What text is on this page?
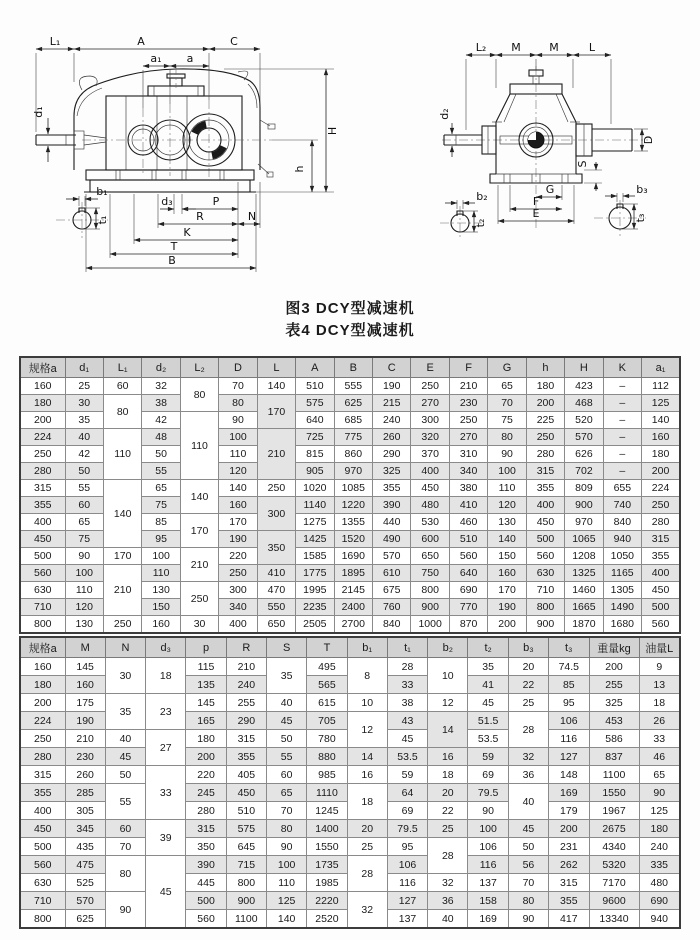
L₁	A	C
a₁ a
d₁
H
h
b₁
t₁
d₃	P
R	N
K
T
B
L₂ M	M	L
d₂
D
S
G
F
E
b₂
t₂
b₃
t₃
图3 DCY型减速机
表4 DCY型减速机
规格a	d₁	L₁	d₂	L₂	D	L	A	B	C	E	F	G	h	H	K	a₁
160	25	60	32	80	70	140	510	555	190	250	210	65	180	423	–	112
180	30	80	38		80	170	575	625	215	270	230	70	200	468	–	125
200	35		42	110	90		640	685	240	300	250	75	225	520	–	140
224	40	110	48		100	210	725	775	260	320	270	80	250	570	–	160
250	42		50		110		815	860	290	370	310	90	280	626	–	180
280	50		55		120		905	970	325	400	340	100	315	702	–	200
315	55	140	65	140	140	250	1020	1085	355	450	380	110	355	809	655	224
355	60		75		160	300	1140	1220	390	480	410	120	400	900	740	250
400	65		85	170	170		1275	1355	440	530	460	130	450	970	840	280
450	75		95		190	350	1425	1520	490	600	510	140	500	1065	940	315
500	90	170	100	210	220		1585	1690	570	650	560	150	560	1208	1050	355
560	100	210	110		250	410	1775	1895	610	750	640	160	630	1325	1165	400
630	110		130	250	300	470	1995	2145	675	800	690	170	710	1460	1305	450
710	120		150		340	550	2235	2400	760	900	770	190	800	1665	1490	500
800	130	250	160	30	400	650	2505	2700	840	1000	870	200	900	1870	1680	560
规格a	M	N	d₃	p	R	S	T	b₁	t₁	b₂	t₂	b₃	t₃	重量kg	油量L
160	145	30	18	115	210	35	495	8	28	10	35	20	74.5	200	9
180	160			135	240		565		33		41	22	85	255	13
200	175	35	23	145	255	40	615	10	38	12	45	25	95	325	18
224	190			165	290	45	705	12	43	14	51.5	28	106	453	26
250	210	40	27	180	315	50	780		45		53.5		116	586	33
280	230	45		200	355	55	880	14	53.5	16	59	32	127	837	46
315	260	50	33	220	405	60	985	16	59	18	69	36	148	1100	65
355	285	55		245	450	65	1110	18	64	20	79.5	40	169	1550	90
400	305			280	510	70	1245		69	22	90		179	1967	125
450	345	60	39	315	575	80	1400	20	79.5	25	100	45	200	2675	180
500	435	70		350	645	90	1550	25	95	28	106	50	231	4340	240
560	475	80	45	390	715	100	1735	28	106		116	56	262	5320	335
630	525			445	800	110	1985		116	32	137	70	315	7170	480
710	570	90		500	900	125	2220	32	127	36	158	80	355	9600	690
800	625			560	1100	140	2520		137	40	169	90	417	13340	940
